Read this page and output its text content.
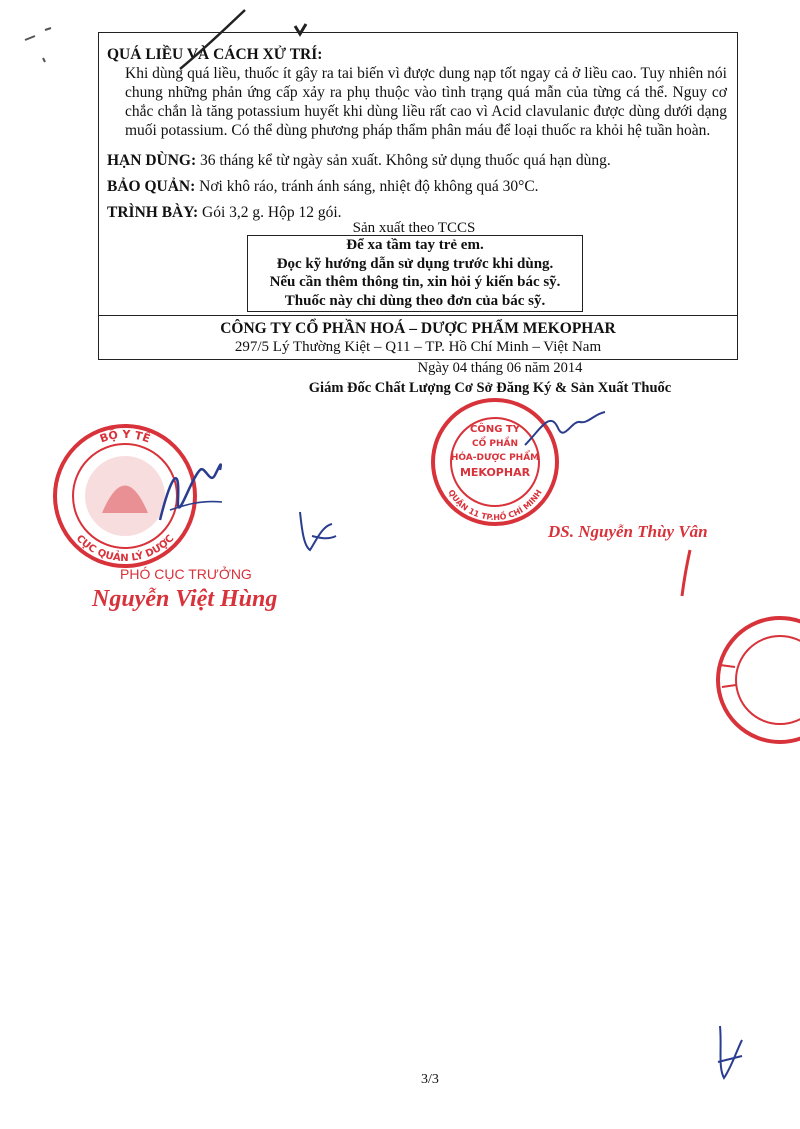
QUÁ LIỀU VÀ CÁCH XỬ TRÍ:

Khi dùng quá liều, thuốc ít gây ra tai biến vì được dung nạp tốt ngay cả ở liều cao. Tuy nhiên nói chung những phản ứng cấp xảy ra phụ thuộc vào tình trạng quá mẫn của từng cá thể. Nguy cơ chắc chắn là tăng potassium huyết khi dùng liều rất cao vì Acid clavulanic được dùng dưới dạng muối potassium. Có thể dùng phương pháp thẩm phân máu để loại thuốc ra khỏi hệ tuần hoàn.
HẠN DÙNG: 36 tháng kể từ ngày sản xuất. Không sử dụng thuốc quá hạn dùng.
BẢO QUẢN: Nơi khô ráo, tránh ánh sáng, nhiệt độ không quá 30°C.
TRÌNH BÀY: Gói 3,2 g. Hộp 12 gói.
Sản xuất theo TCCS
Để xa tầm tay trẻ em.
Đọc kỹ hướng dẫn sử dụng trước khi dùng.
Nếu cần thêm thông tin, xin hỏi ý kiến bác sỹ.
Thuốc này chỉ dùng theo đơn của bác sỹ.
CÔNG TY CỔ PHẦN HOÁ – DƯỢC PHẨM MEKOPHAR
297/5 Lý Thường Kiệt – Q11 – TP. Hồ Chí Minh – Việt Nam
Ngày 04 tháng 06 năm 2014
Giám Đốc Chất Lượng Cơ Sở Đăng Ký & Sản Xuất Thuốc
BỘ Y TẾ
CỤC QUẢN LÝ DƯỢC
PHÓ CỤC TRƯỞNG
Nguyễn Việt Hùng
CÔNG TY
CỔ PHẦN
HÓA-DƯỢC PHẨM
MEKOPHAR
QUẬN 11 TP.HỒ CHÍ MINH
DS. Nguyễn Thùy Vân
3/3
